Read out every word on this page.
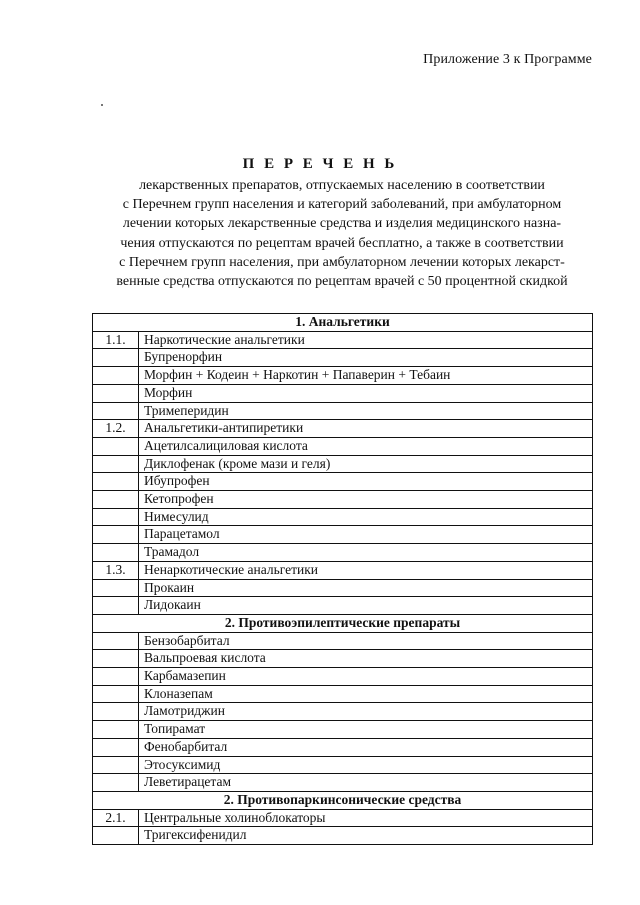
Приложение 3 к Программе
П Е Р Е Ч Е Н Ь
лекарственных препаратов, отпускаемых населению в соответствии
с Перечнем групп населения и категорий заболеваний, при амбулаторном
лечении которых лекарственные средства и изделия медицинского назна-
чения отпускаются по рецептам врачей бесплатно, а также в соответствии
с Перечнем групп населения, при амбулаторном лечении которых лекарст-
венные средства отпускаются по рецептам врачей с 50 процентной скидкой
1. Анальгетики	
1.1.	Наркотические анальгетики
	Бупренорфин
	Морфин + Кодеин + Наркотин + Папаверин + Тебаин
	Морфин
	Тримеперидин
1.2.	Анальгетики-антипиретики
	Ацетилсалициловая кислота
	Диклофенак (кроме мази и геля)
	Ибупрофен
	Кетопрофен
	Нимесулид
	Парацетамол
	Трамадол
1.3.	Ненаркотические анальгетики
	Прокаин
	Лидокаин
2. Противоэпилептические препараты	
	Бензобарбитал
	Вальпроевая кислота
	Карбамазепин
	Клоназепам
	Ламотриджин
	Топирамат
	Фенобарбитал
	Этосуксимид
	Леветирацетам
2. Противопаркинсонические средства	
2.1.	Центральные холиноблокаторы
	Тригексифенидил
